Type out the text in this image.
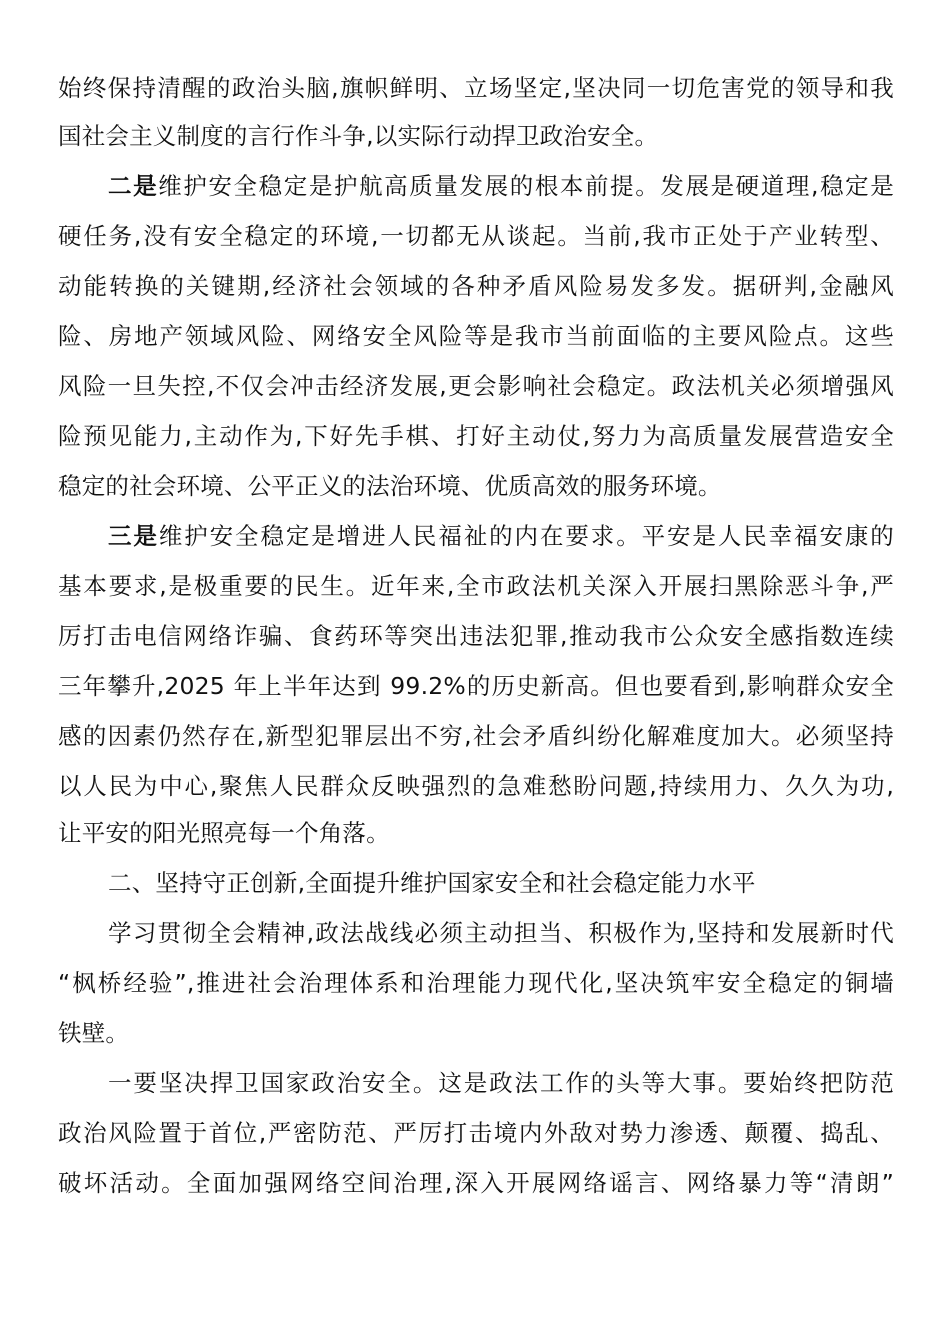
始终保持清醒的政治头脑,旗帜鲜明、立场坚定,坚决同一切危害党的领导和我
国社会主义制度的言行作斗争,以实际行动捍卫政治安全。
二是维护安全稳定是护航高质量发展的根本前提。发展是硬道理,稳定是
硬任务,没有安全稳定的环境,一切都无从谈起。当前,我市正处于产业转型、
动能转换的关键期,经济社会领域的各种矛盾风险易发多发。据研判,金融风
险、房地产领域风险、网络安全风险等是我市当前面临的主要风险点。这些
风险一旦失控,不仅会冲击经济发展,更会影响社会稳定。政法机关必须增强风
险预见能力,主动作为,下好先手棋、打好主动仗,努力为高质量发展营造安全
稳定的社会环境、公平正义的法治环境、优质高效的服务环境。
三是维护安全稳定是增进人民福祉的内在要求。平安是人民幸福安康的
基本要求,是极重要的民生。近年来,全市政法机关深入开展扫黑除恶斗争,严
厉打击电信网络诈骗、食药环等突出违法犯罪,推动我市公众安全感指数连续
三年攀升,2025 年上半年达到 99.2%的历史新高。但也要看到,影响群众安全
感的因素仍然存在,新型犯罪层出不穷,社会矛盾纠纷化解难度加大。必须坚持
以人民为中心,聚焦人民群众反映强烈的急难愁盼问题,持续用力、久久为功,
让平安的阳光照亮每一个角落。
二、坚持守正创新,全面提升维护国家安全和社会稳定能力水平
学习贯彻全会精神,政法战线必须主动担当、积极作为,坚持和发展新时代
“枫桥经验”,推进社会治理体系和治理能力现代化,坚决筑牢安全稳定的铜墙
铁壁。
一要坚决捍卫国家政治安全。这是政法工作的头等大事。要始终把防范
政治风险置于首位,严密防范、严厉打击境内外敌对势力渗透、颠覆、捣乱、
破坏活动。全面加强网络空间治理,深入开展网络谣言、网络暴力等“清朗”
